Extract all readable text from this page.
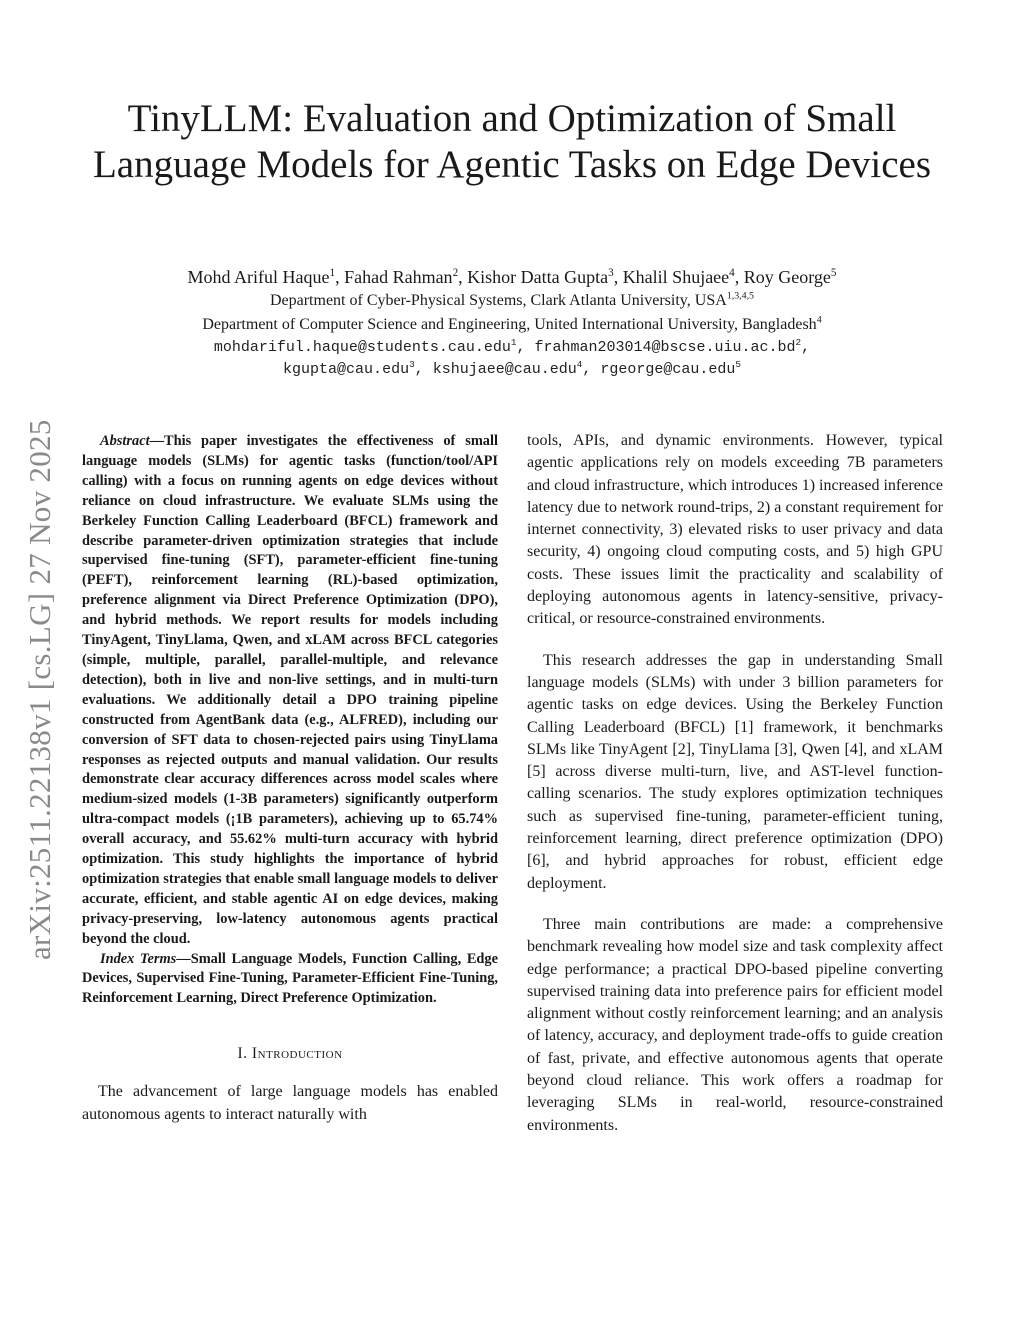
arXiv:2511.22138v1 [cs.LG] 27 Nov 2025
TinyLLM: Evaluation and Optimization of Small Language Models for Agentic Tasks on Edge Devices
Mohd Ariful Haque$^1$, Fahad Rahman$^2$, Kishor Datta Gupta$^3$, Khalil Shujaee$^4$, Roy George$^5$
Department of Cyber-Physical Systems, Clark Atlanta University, USA$^{1,3,4,5}$
Department of Computer Science and Engineering, United International University, Bangladesh$^4$
mohdariful.haque@students.cau.edu$^1$, $frahman203014@bscse.uiu.ac.bd^2$,
kgupta@cau.edu$^3$, kshujaee@cau.edu$^4$, rgeorge@cau.edu$^5$

Abstract—This paper investigates the effectiveness of small language models (SLMs) for agentic tasks (function/tool/API calling) with a focus on running agents on edge devices without reliance on cloud infrastructure. We evaluate SLMs using the Berkeley Function Calling Leaderboard (BFCL) framework and describe parameter-driven optimization strategies that include supervised fine-tuning (SFT), parameter-efficient fine-tuning (PEFT), reinforcement learning (RL)-based optimization, preference alignment via Direct Preference Optimization (DPO), and hybrid methods. We report results for models including TinyAgent, TinyLlama, Qwen, and xLAM across BFCL categories (simple, multiple, parallel, parallel-multiple, and relevance detection), both in live and non-live settings, and in multi-turn evaluations. We additionally detail a DPO training pipeline constructed from AgentBank data (e.g., ALFRED), including our conversion of SFT data to chosen-rejected pairs using TinyLlama responses as rejected outputs and manual validation. Our results demonstrate clear accuracy differences across model scales where medium-sized models (1-3B parameters) significantly outperform ultra-compact models (¡1B parameters), achieving up to 65.74% overall accuracy, and 55.62% multi-turn accuracy with hybrid optimization. This study highlights the importance of hybrid optimization strategies that enable small language models to deliver accurate, efficient, and stable agentic AI on edge devices, making privacy-preserving, low-latency autonomous agents practical beyond the cloud.

Index Terms—Small Language Models, Function Calling, Edge Devices, Supervised Fine-Tuning, Parameter-Efficient Fine-Tuning, Reinforcement Learning, Direct Preference Optimization.

I. Introduction

The advancement of large language models has enabled autonomous agents to interact naturally with

tools, APIs, and dynamic environments. However, typical agentic applications rely on models exceeding 7B parameters and cloud infrastructure, which introduces 1) increased inference latency due to network round-trips, 2) a constant requirement for internet connectivity, 3) elevated risks to user privacy and data security, 4) ongoing cloud computing costs, and 5) high GPU costs. These issues limit the practicality and scalability of deploying autonomous agents in latency-sensitive, privacy-critical, or resource-constrained environments.

This research addresses the gap in understanding Small language models (SLMs) with under 3 billion parameters for agentic tasks on edge devices. Using the Berkeley Function Calling Leaderboard (BFCL) [1] framework, it benchmarks SLMs like TinyAgent [2], TinyLlama [3], Qwen [4], and xLAM [5] across diverse multi-turn, live, and AST-level function-calling scenarios. The study explores optimization techniques such as supervised fine-tuning, parameter-efficient tuning, reinforcement learning, direct preference optimization (DPO) [6], and hybrid approaches for robust, efficient edge deployment.

Three main contributions are made: a comprehensive benchmark revealing how model size and task complexity affect edge performance; a practical DPO-based pipeline converting supervised training data into preference pairs for efficient model alignment without costly reinforcement learning; and an analysis of latency, accuracy, and deployment trade-offs to guide creation of fast, private, and effective autonomous agents that operate beyond cloud reliance. This work offers a roadmap for leveraging SLMs in real-world, resource-constrained environments.
